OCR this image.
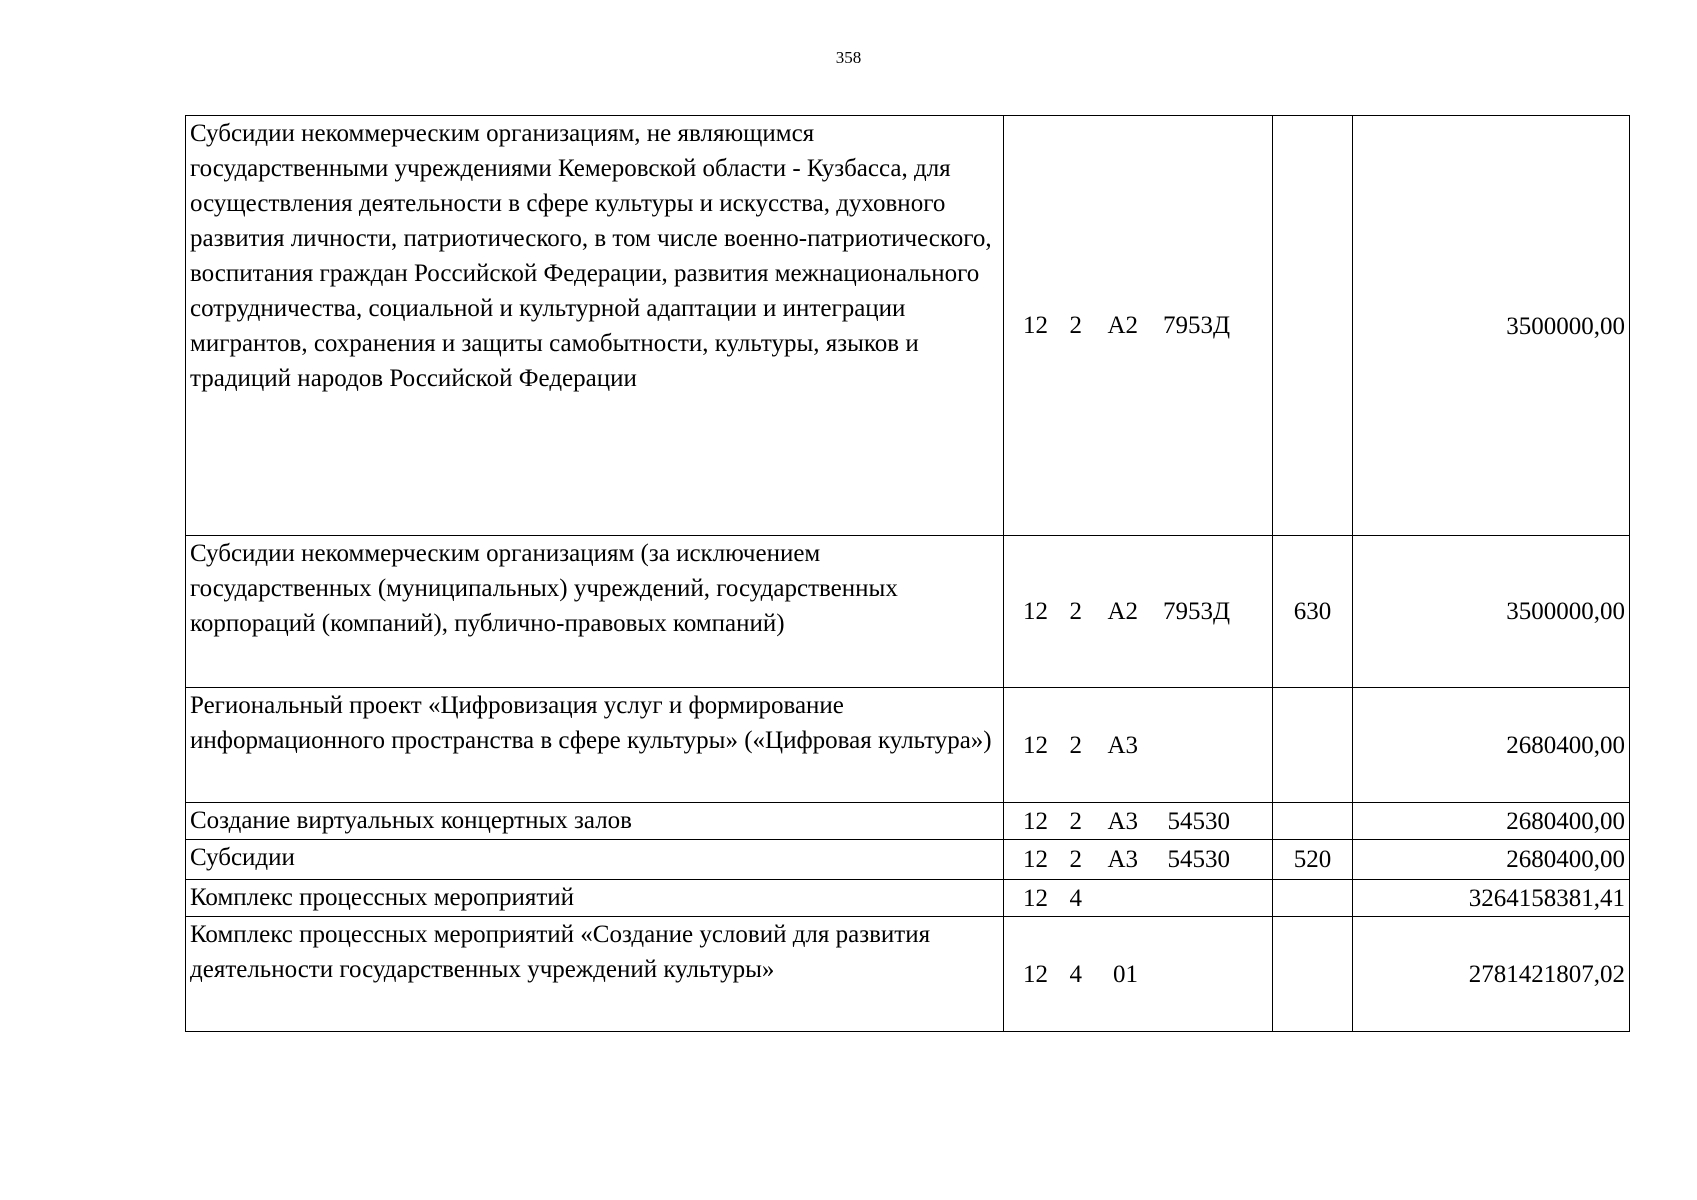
358
Субсидии некоммерческим организациям, не являющимся государственными учреждениями Кемеровской области - Кузбасса, для осуществления деятельности в сфере культуры и искусства, духовного развития личности, патриотического, в том числе военно-патриотического, воспитания граждан Российской Федерации, развития межнационального сотрудничества, социальной и культурной адаптации и интеграции мигрантов, сохранения и защиты самобытности, культуры, языков и традиций народов Российской Федерации	12 2 А2 7953Д		3500000,00
Субсидии некоммерческим организациям (за исключением государственных (муниципальных) учреждений, государственных корпораций (компаний), публично-правовых компаний)	12 2 А2 7953Д	630	3500000,00
Региональный проект «Цифровизация услуг и формирование информационного пространства в сфере культуры» («Цифровая культура»)	12 2 А3		2680400,00
Создание виртуальных концертных залов	12 2 А3 54530		2680400,00
Субсидии	12 2 А3 54530	520	2680400,00
Комплекс процессных мероприятий	12 4		3264158381,41
Комплекс процессных мероприятий «Создание условий для развития деятельности государственных учреждений культуры»	12 4 01		2781421807,02
